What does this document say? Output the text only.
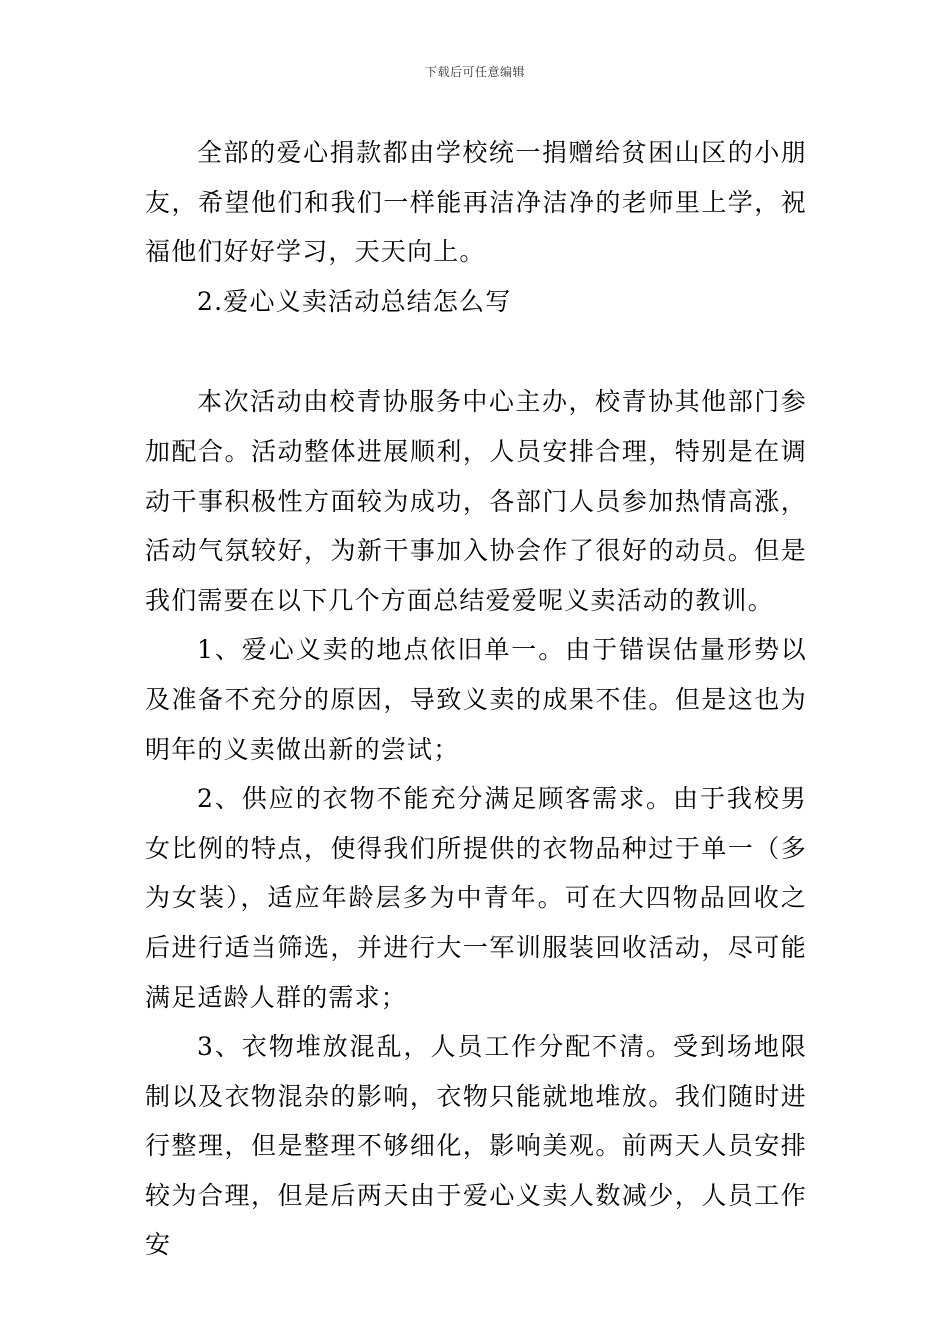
下载后可任意编辑

全部的爱心捐款都由学校统一捐赠给贫困山区的小朋友，希望他们和我们一样能再洁净洁净的老师里上学，祝福他们好好学习，天天向上。

2.爱心义卖活动总结怎么写

本次活动由校青协服务中心主办，校青协其他部门参加配合。活动整体进展顺利，人员安排合理，特别是在调动干事积极性方面较为成功，各部门人员参加热情高涨，活动气氛较好，为新干事加入协会作了很好的动员。但是我们需要在以下几个方面总结爱爱呢义卖活动的教训。

1、爱心义卖的地点依旧单一。由于错误估量形势以及准备不充分的原因，导致义卖的成果不佳。但是这也为明年的义卖做出新的尝试；

2、供应的衣物不能充分满足顾客需求。由于我校男女比例的特点，使得我们所提供的衣物品种过于单一（多为女装），适应年龄层多为中青年。可在大四物品回收之后进行适当筛选，并进行大一军训服装回收活动，尽可能满足适龄人群的需求；

3、衣物堆放混乱，人员工作分配不清。受到场地限制以及衣物混杂的影响，衣物只能就地堆放。我们随时进行整理，但是整理不够细化，影响美观。前两天人员安排较为合理，但是后两天由于爱心义卖人数减少，人员工作安
